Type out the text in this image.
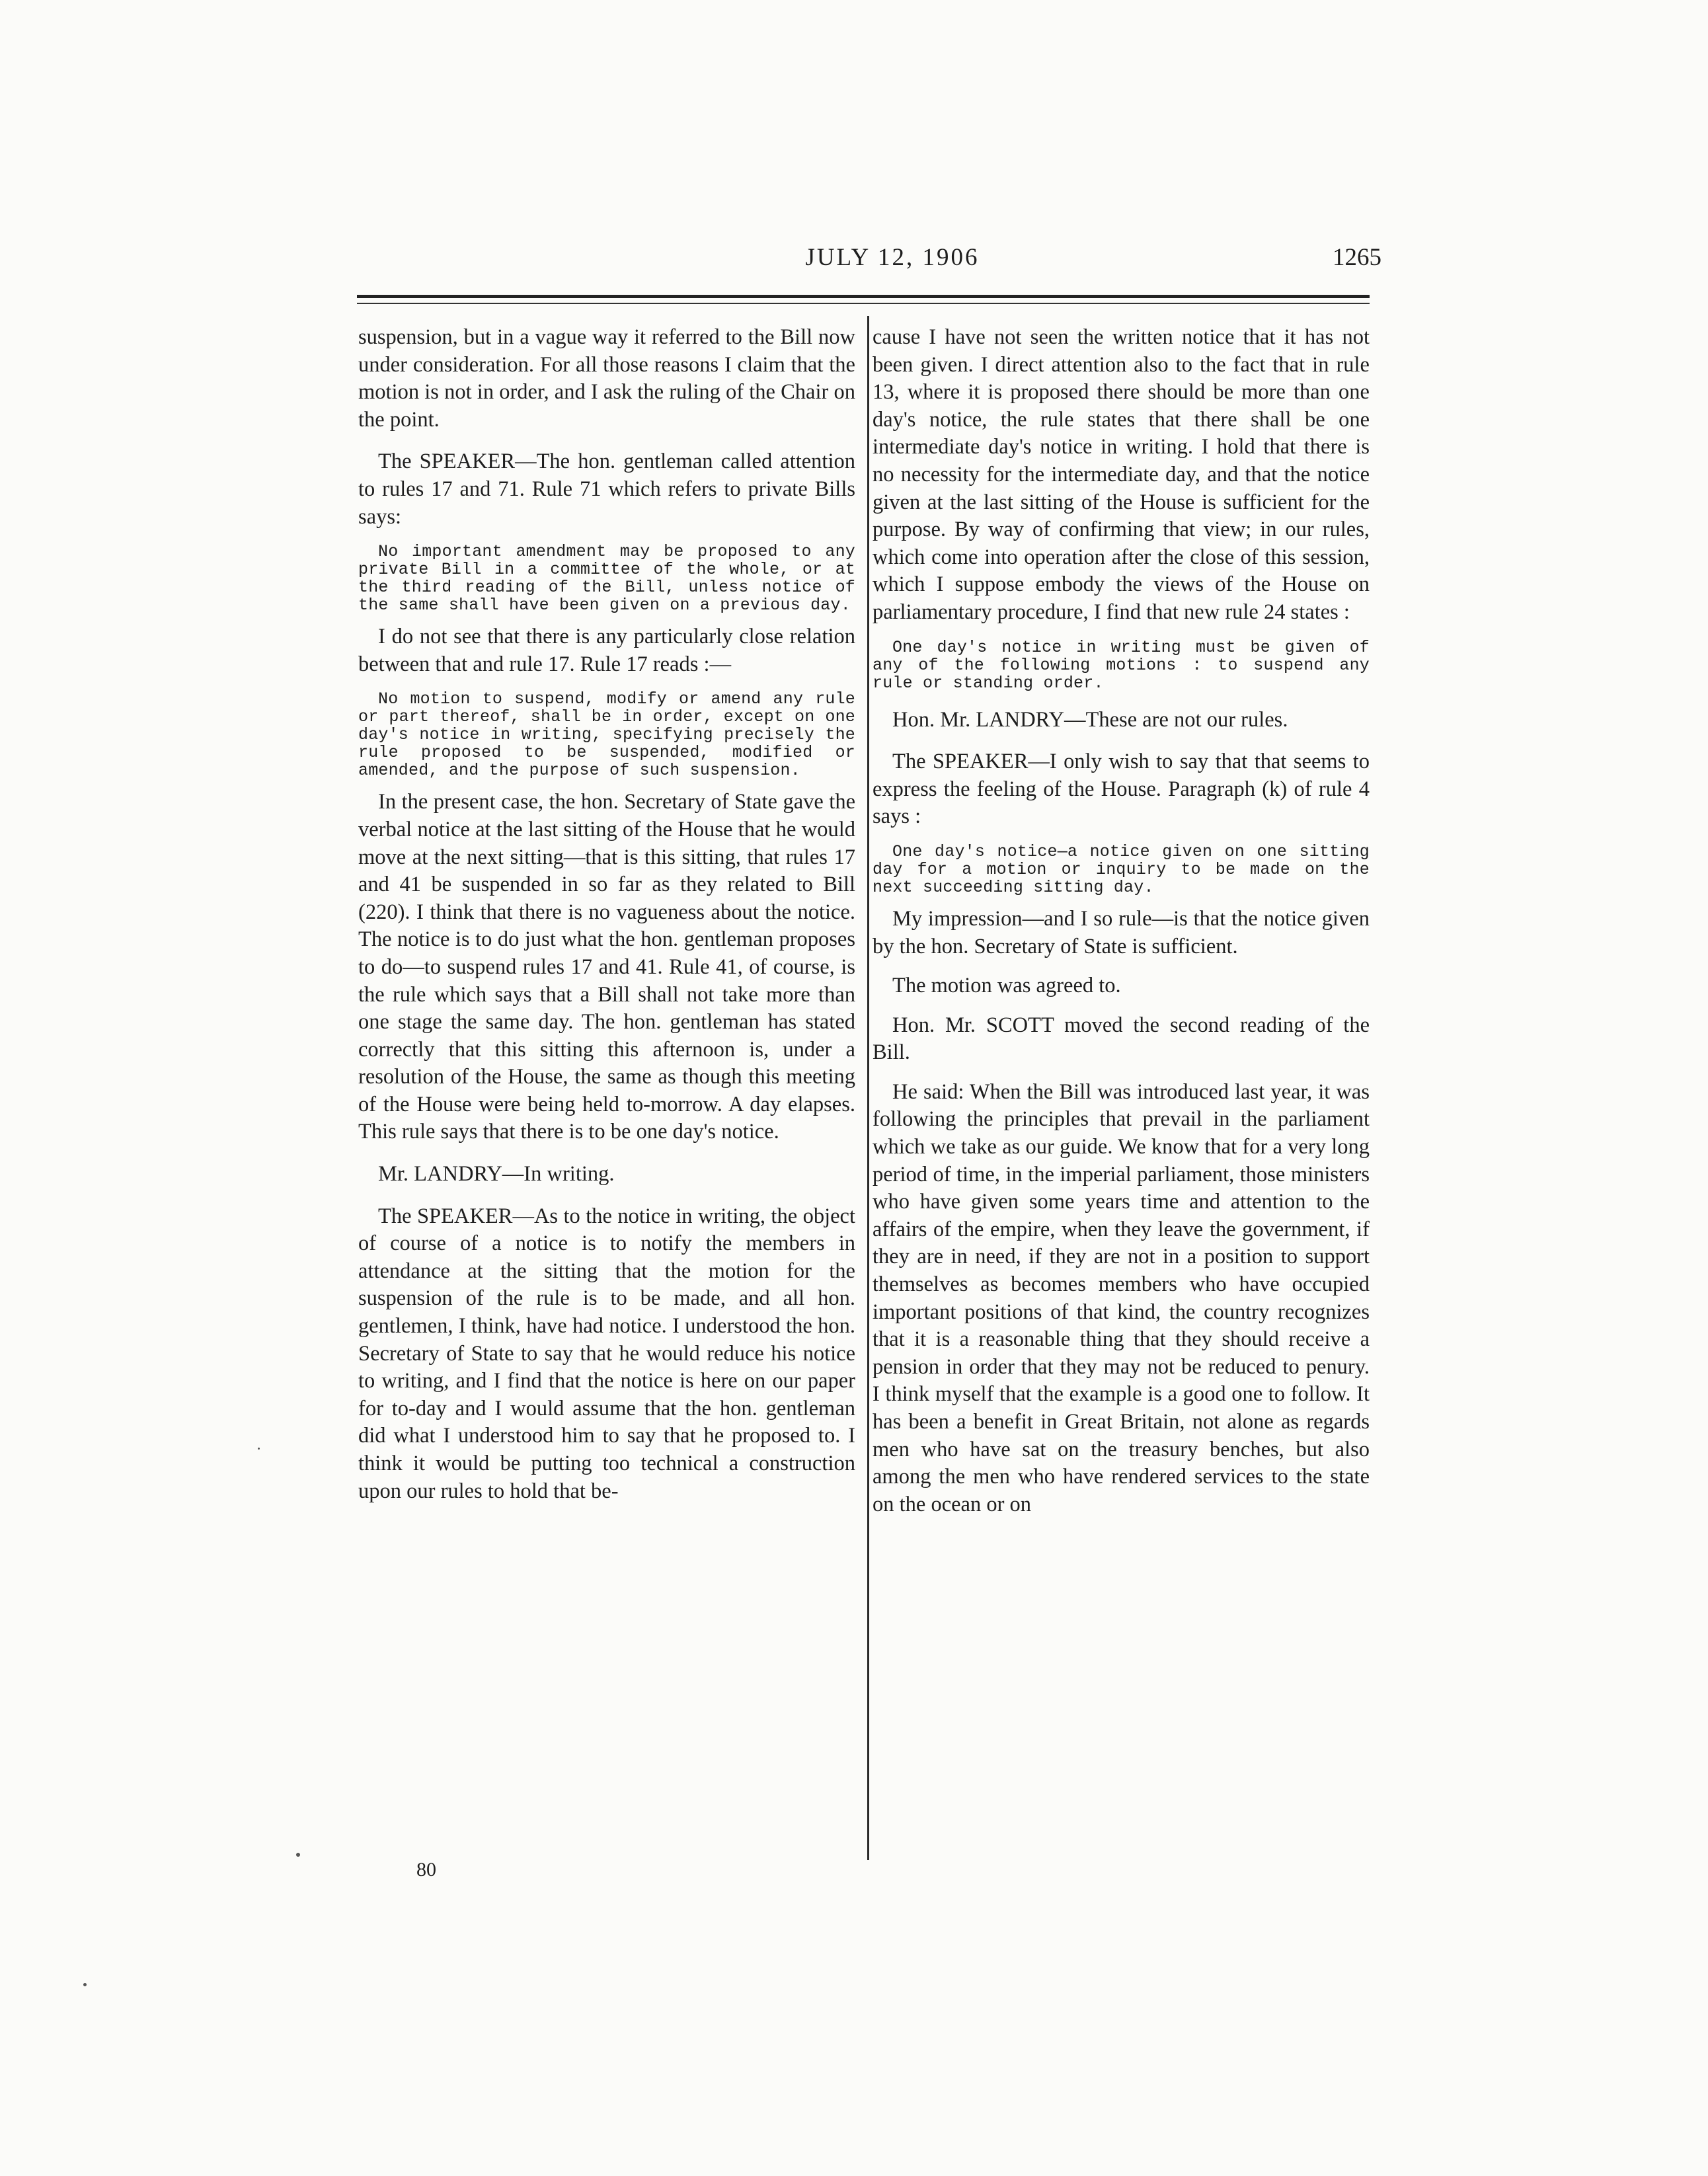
JULY 12, 1906	1265

suspension, but in a vague way it referred to the Bill now under consideration. For all those reasons I claim that the motion is not in order, and I ask the ruling of the Chair on the point.

The SPEAKER—The hon. gentleman called attention to rules 17 and 71. Rule 71 which refers to private Bills says:

No important amendment may be proposed to any private Bill in a committee of the whole, or at the third reading of the Bill, unless notice of the same shall have been given on a previous day.

I do not see that there is any particularly close relation between that and rule 17. Rule 17 reads :—

No motion to suspend, modify or amend any rule or part thereof, shall be in order, except on one day's notice in writing, specifying precisely the rule proposed to be suspended, modified or amended, and the purpose of such suspension.

In the present case, the hon. Secretary of State gave the verbal notice at the last sitting of the House that he would move at the next sitting—that is this sitting, that rules 17 and 41 be suspended in so far as they related to Bill (220). I think that there is no vagueness about the notice. The notice is to do just what the hon. gentleman proposes to do—to suspend rules 17 and 41. Rule 41, of course, is the rule which says that a Bill shall not take more than one stage the same day. The hon. gentleman has stated correctly that this sitting this afternoon is, under a resolution of the House, the same as though this meeting of the House were being held to-morrow. A day elapses. This rule says that there is to be one day's notice.

Mr. LANDRY—In writing.

The SPEAKER—As to the notice in writing, the object of course of a notice is to notify the members in attendance at the sitting that the motion for the suspension of the rule is to be made, and all hon. gentlemen, I think, have had notice. I understood the hon. Secretary of State to say that he would reduce his notice to writing, and I find that the notice is here on our paper for to-day and I would assume that the hon. gentleman did what I understood him to say that he proposed to. I think it would be putting too technical a construction upon our rules to hold that be-

cause I have not seen the written notice that it has not been given. I direct attention also to the fact that in rule 13, where it is proposed there should be more than one day's notice, the rule states that there shall be one intermediate day's notice in writing. I hold that there is no necessity for the intermediate day, and that the notice given at the last sitting of the House is sufficient for the purpose. By way of confirming that view; in our rules, which come into operation after the close of this session, which I suppose embody the views of the House on parliamentary procedure, I find that new rule 24 states :

One day's notice in writing must be given of any of the following motions : to suspend any rule or standing order.

Hon. Mr. LANDRY—These are not our rules.

The SPEAKER—I only wish to say that that seems to express the feeling of the House. Paragraph (k) of rule 4 says :

One day's notice—a notice given on one sitting day for a motion or inquiry to be made on the next succeeding sitting day.

My impression—and I so rule—is that the notice given by the hon. Secretary of State is sufficient.

The motion was agreed to.

Hon. Mr. SCOTT moved the second reading of the Bill.

He said: When the Bill was introduced last year, it was following the principles that prevail in the parliament which we take as our guide. We know that for a very long period of time, in the imperial parliament, those ministers who have given some years time and attention to the affairs of the empire, when they leave the government, if they are in need, if they are not in a position to support themselves as becomes members who have occupied important positions of that kind, the country recognizes that it is a reasonable thing that they should receive a pension in order that they may not be reduced to penury. I think myself that the example is a good one to follow. It has been a benefit in Great Britain, not alone as regards men who have sat on the treasury benches, but also among the men who have rendered services to the state on the ocean or on

80
